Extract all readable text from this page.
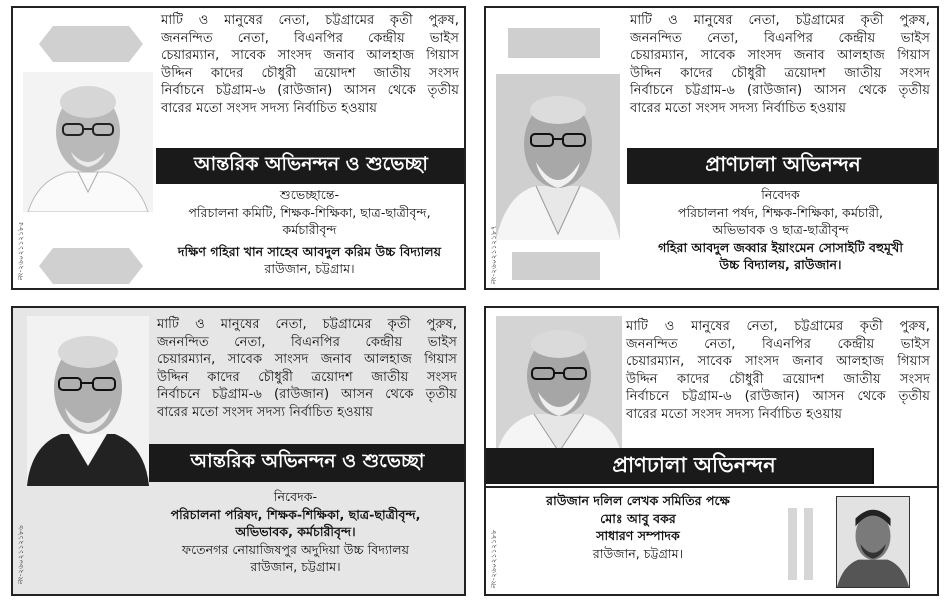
মাটি ও মানুষের নেতা, চট্টগ্রামের কৃতী পুরুষ,
জননন্দিত নেতা, বিএনপির কেন্দ্রীয় ভাইস
চেয়ারম্যান, সাবেক সাংসদ জনাব আলহাজ গিয়াস
উদ্দিন কাদের চৌধুরী ত্রয়োদশ জাতীয় সংসদ
নির্বাচনে চট্টগ্রাম-৬ (রাউজান) আসন থেকে তৃতীয়
বারের মতো সংসদ সদস্য নির্বাচিত হওয়ায়
আন্তরিক অভিনন্দন ও শুভেচ্ছা
শুভেচ্ছান্তে-
পরিচালনা কমিটি, শিক্ষক-শিক্ষিকা, ছাত্র-ছাত্রীবৃন্দ,
কর্মচারীবৃন্দ
দক্ষিণ গহিরা খান সাহেব আবদুল করিম উচ্চ বিদ্যালয়
রাউজান, চট্টগ্রাম।
নং-২৬০২১১২১৮৫
মাটি ও মানুষের নেতা, চট্টগ্রামের কৃতী পুরুষ,
জননন্দিত নেতা, বিএনপির কেন্দ্রীয় ভাইস
চেয়ারম্যান, সাবেক সাংসদ জনাব আলহাজ গিয়াস
উদ্দিন কাদের চৌধুরী ত্রয়োদশ জাতীয় সংসদ
নির্বাচনে চট্টগ্রাম-৬ (রাউজান) আসন থেকে তৃতীয়
বারের মতো সংসদ সদস্য নির্বাচিত হওয়ায়
প্রাণঢালা অভিনন্দন
নিবেদক
পরিচালনা পর্ষদ, শিক্ষক-শিক্ষিকা, কর্মচারী,
অভিভাবক ও ছাত্র-ছাত্রীবৃন্দ
গহিরা আবদুল জব্বার ইয়াংমেন সোসাইটি বহুমূখী
উচ্চ বিদ্যালয়, রাউজান।
নং-২৬০২১১২১৮৭
মাটি ও মানুষের নেতা, চট্টগ্রামের কৃতী পুরুষ,
জননন্দিত নেতা, বিএনপির কেন্দ্রীয় ভাইস
চেয়ারম্যান, সাবেক সাংসদ জনাব আলহাজ গিয়াস
উদ্দিন কাদের চৌধুরী ত্রয়োদশ জাতীয় সংসদ
নির্বাচনে চট্টগ্রাম-৬ (রাউজান) আসন থেকে তৃতীয়
বারের মতো সংসদ সদস্য নির্বাচিত হওয়ায়
আন্তরিক অভিনন্দন ও শুভেচ্ছা
নিবেদক-
পরিচালনা পরিষদ, শিক্ষক-শিক্ষিকা, ছাত্র-ছাত্রীবৃন্দ,
অভিভাবক, কর্মচারীবৃন্দ।
ফতেনগর নোয়াজিষপুর অদুদিয়া উচ্চ বিদ্যালয়
রাউজান, চট্টগ্রাম।
নং-২৬০২১১২১৮৬
মাটি ও মানুষের নেতা, চট্টগ্রামের কৃতী পুরুষ,
জননন্দিত নেতা, বিএনপির কেন্দ্রীয় ভাইস
চেয়ারম্যান, সাবেক সাংসদ জনাব আলহাজ গিয়াস
উদ্দিন কাদের চৌধুরী ত্রয়োদশ জাতীয় সংসদ
নির্বাচনে চট্টগ্রাম-৬ (রাউজান) আসন থেকে তৃতীয়
বারের মতো সংসদ সদস্য নির্বাচিত হওয়ায়
প্রাণঢালা অভিনন্দন
রাউজান দলিল লেখক সমিতির পক্ষে
মোঃ আবু বকর
সাধারণ সম্পাদক
রাউজান, চট্টগ্রাম।
নং-২৬০২১১২১৮৮
